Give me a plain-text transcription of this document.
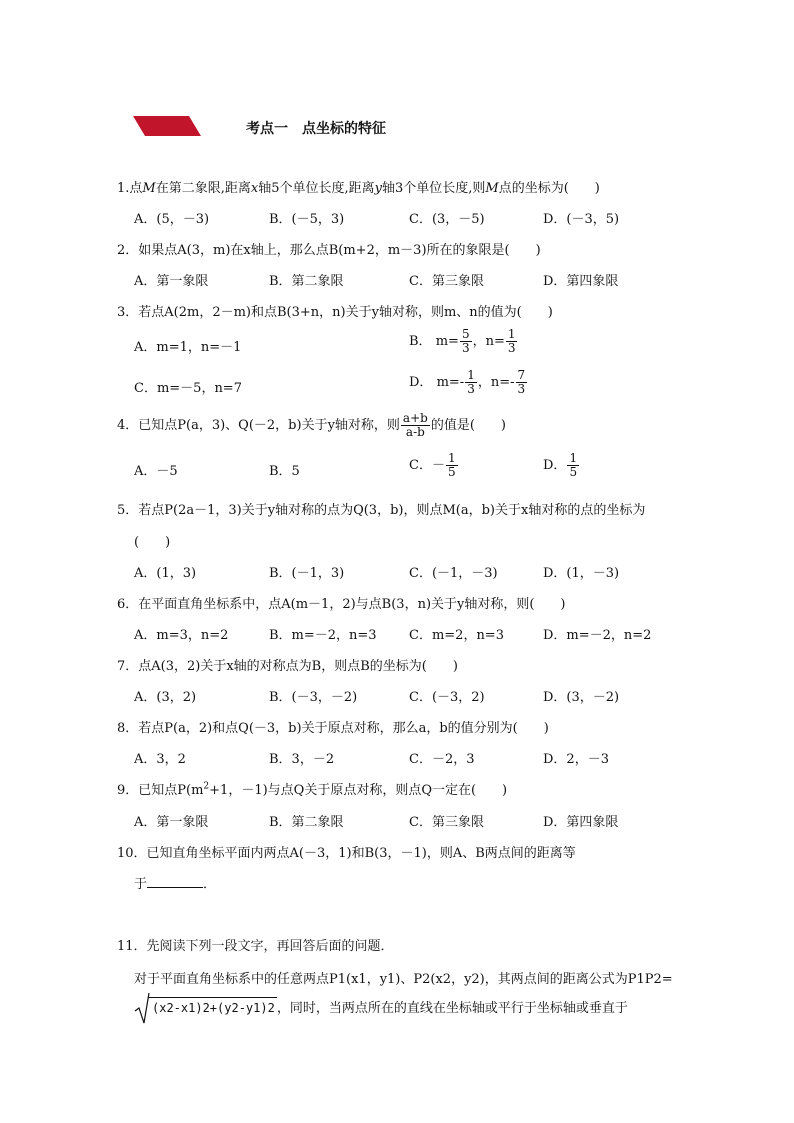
考点一　点坐标的特征
1.点M在第二象限,距离x轴5个单位长度,距离y轴3个单位长度,则M点的坐标为(　　)
A．(5，－3)	B．(－5，3)	C．(3，－5)	D．(－3，5)
2．如果点A(3，m)在x轴上，那么点B(m+2，m－3)所在的象限是(　　)
A．第一象限	B．第二象限	C．第三象限	D．第四象限
3．若点A(2m，2－m)和点B(3+n，n)关于y轴对称，则m、n的值为(　　)
A．m=1，n=－1	B． $m= \frac{5}{3}$ ，$n= \frac{1}{3}$
C．m=－5，n=7	D． $m=- \frac{1}{3}$ ，$n=- \frac{7}{3}$
4．已知点P(a，3)、Q(－2，b)关于y轴对称，则 $\frac{a+b}{a-b}$ 的值是(　　)
A．－5	B．5	C．－ $\frac{1}{5}$	D． $\frac{1}{5}$
5．若点P(2a－1，3)关于y轴对称的点为Q(3，b)，则点M(a，b)关于x轴对称的点的坐标为
(　　)
A．(1，3)	B．(－1，3)	C．(－1，－3)	D．(1，－3)
6．在平面直角坐标系中，点A(m－1，2)与点B(3，n)关于y轴对称，则(　　)
A．m=3，n=2	B．m=－2，n=3 C．m=2，n=3	D．m=－2，n=2
7．点A(3，2)关于x轴的对称点为B，则点B的坐标为(　　)
A．(3，2)	B．(－3，－2)	C．(－3，2)	D．(3，－2)
8．若点P(a，2)和点Q(－3，b)关于原点对称，那么a，b的值分别为(　　)
A．3，2	B．3，－2	C．－2，3	D．2，－3
9．已知点$P(m^2+1$，－1)与点Q关于原点对称，则点Q一定在(　　)
A．第一象限	B．第二象限	C．第三象限	D．第四象限
10．已知直角坐标平面内两点A(－3，1)和B(3，－1)，则A、B两点间的距离等
于	．
11．先阅读下列一段文字，再回答后面的问题．
对于平面直角坐标系中的任意两点P1(x1，y1)、P2(x2，y2)，其两点间的距离公式为P1P2=
(x2-x1)2+(y2-y1)2 ，同时，当两点所在的直线在坐标轴或平行于坐标轴或垂直于
